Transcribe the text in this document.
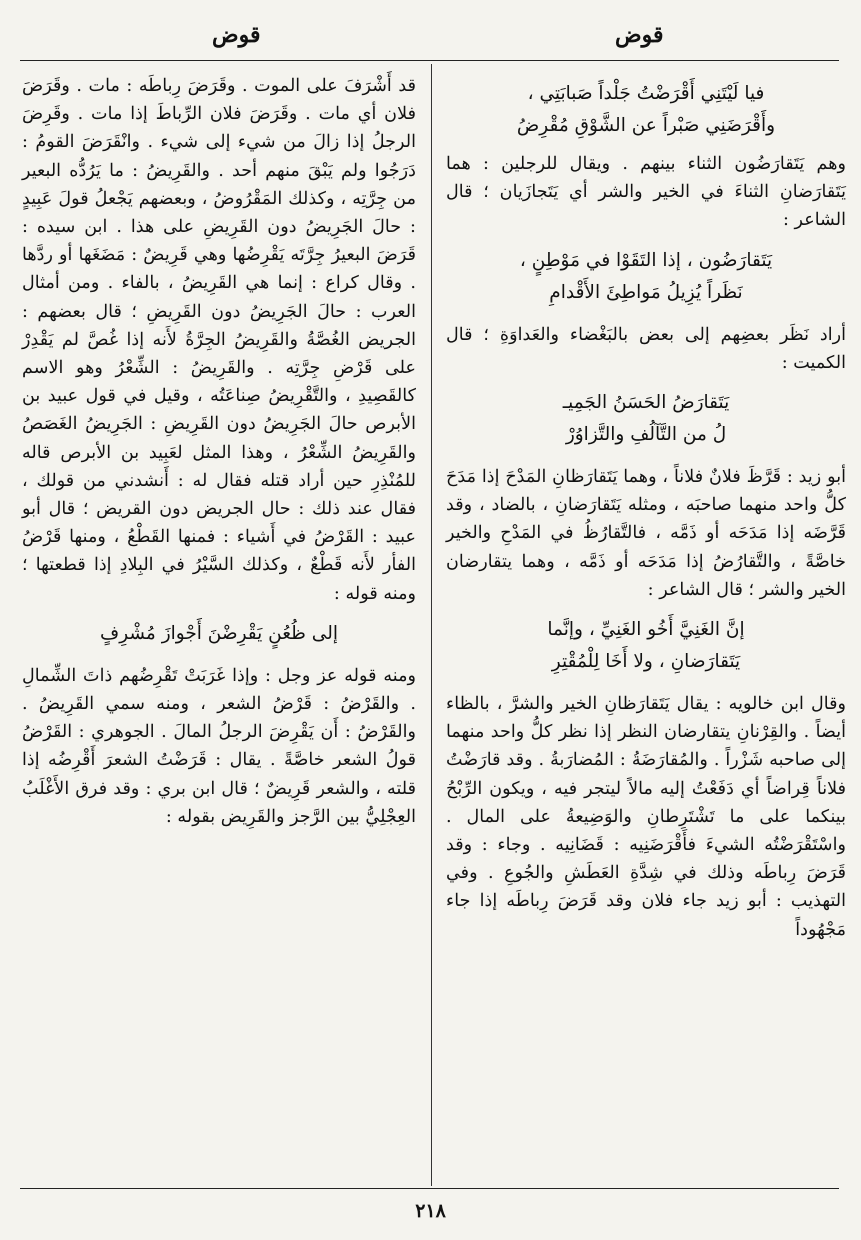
قوض
قوض

فيا لَيْتَنِي أَقْرَضْتُ جَلْداً صَبابَتِي ،

وأَقْرَضَنِي صَبْراً عن الشَّوْقِ مُقْرِضُ

وهم يَتَقارَضُون الثناء بينهم . ويقال للرجلين : هما يَتَقارَضانِ الثناءَ في الخير والشر أي يَتَجازَيان ؛ قال الشاعر :

يَتَقارَضُون ، إذا التَقَوْا في مَوْطِنٍ ،

نَظَراً يُزِيلُ مَواطِئَ الأَقْدامِ

أراد نَظَر بعضِهم إلى بعض بالبَغْضاء والعَداوَةِ ؛ قال الكميت :

يَتَقارَضُ الحَسَنُ الجَمِيـ

لُ من التَّآلُفِ والتَّزاوُرْ

أبو زيد : قَرَّظَ فلانٌ فلاناً ، وهما يَتَقارَظانِ المَدْحَ إذا مَدَحَ كلُّ واحد منهما صاحبَه ، ومثله يَتَقارَضانِ ، بالضاد ، وقد قَرَّضَه إذا مَدَحَه أو ذَمَّه ، فالتَّقارُظُ في المَدْحِ والخير خاصَّةً ، والتَّقارُضُ إذا مَدَحَه أو ذَمَّه ، وهما يتقارضان الخير والشر ؛ قال الشاعر :

إنَّ الغَنِيَّ أَخُو الغَنِيِّ ، وإنَّما

يَتَقارَضانِ ، ولا أَخَا لِلْمُقْتِرِ

وقال ابن خالويه : يقال يَتَقارَظانِ الخير والشرَّ ، بالظاء أيضاً . والقِرْنانِ يتقارضان النظر إذا نظر كلُّ واحد منهما إلى صاحبه شَزْراً . والمُقارَضَةُ : المُضارَبةُ . وقد قارَضْتُ فلاناً قِراضاً أي دَفَعْتُ إليه مالاً ليتجر فيه ، ويكون الرِّبْحُ بينكما على ما تَشْتَرِطانِ والوَضِيعةُ على المال . واسْتَقْرَضْتُه الشيءَ فأَقْرَضَنِيه : قَضَانِيه . وجاء : وقد قَرَضَ رِباطَه وذلك في شِدَّةِ العَطَشِ والجُوعِ . وفي التهذيب : أبو زيد جاء فلان وقد قَرَضَ رِباطَه إذا جاء مَجْهُوداً

قد أَشْرَفَ على الموت . وقَرَضَ رِباطَه : مات . وقَرَضَ فلان أي مات . وقَرَضَ فلان الرِّباطَ إذا مات . وقَرِضَ الرجلُ إذا زالَ من شيء إلى شيء . وانْقَرَضَ القومُ : دَرَجُوا ولم يَبْقَ منهم أحد . والقَرِيضُ : ما يَرُدُّه البعير من جِرَّتِه ، وكذلك المَقْرُوضُ ، وبعضهم يَجْعلُ قولَ عَبِيدٍ : حالَ الجَرِيضُ دون القَرِيضِ على هذا . ابن سيده : قَرَضَ البعيرُ جِرَّتَه يَقْرِضُها وهي قَرِيضٌ : مَضَغَها أو ردَّها . وقال كراع : إنما هي القَرِيضُ ، بالفاء . ومن أمثال العرب : حالَ الجَرِيضُ دون القَرِيضِ ؛ قال بعضهم : الجريض الغُصَّةُ والقَرِيضُ الجِرَّةُ لأَنه إذا غُصَّ لم يَقْدِرْ على قَرْضِ جِرَّتِه . والقَرِيضُ : الشِّعْرُ وهو الاسم كالقَصِيدِ ، والتَّقْرِيضُ صِناعَتُه ، وقيل في قول عبيد بن الأبرص حالَ الجَرِيضُ دون القَرِيضِ : الجَرِيضُ الغَصَصُ والقَرِيضُ الشِّعْرُ ، وهذا المثل لعَبِيد بن الأبرص قاله للمُنْذِرِ حين أراد قتله فقال له : أَنشدني من قولك ، فقال عند ذلك : حال الجريض دون القريض ؛ قال أبو عبيد : القَرْضُ في أَشياء : فمنها القَطْعُ ، ومنها قَرْضُ الفأر لأَنه قَطْعٌ ، وكذلك السَّيْرُ في البِلادِ إذا قطعتها ؛ ومنه قوله :

إلى ظُعُنٍ يَقْرِضْنَ أَجْوازَ مُشْرِفٍ

ومنه قوله عز وجل : وإذا غَرَبَتْ تَقْرِضُهم ذاتَ الشِّمالِ . والقَرْضُ : قَرْضُ الشعر ، ومنه سمي القَرِيضُ . والقَرْضُ : أَن يَقْرِضَ الرجلُ المالَ . الجوهري : القَرْضُ قولُ الشعر خاصَّةً . يقال : قَرَضْتُ الشعرَ أَقْرِضُه إذا قلته ، والشعر قَرِيضٌ ؛ قال ابن بري : وقد فرق الأَغْلَبُ العِجْلِيُّ بين الرَّجز والقَرِيض بقوله :

٢١٨
